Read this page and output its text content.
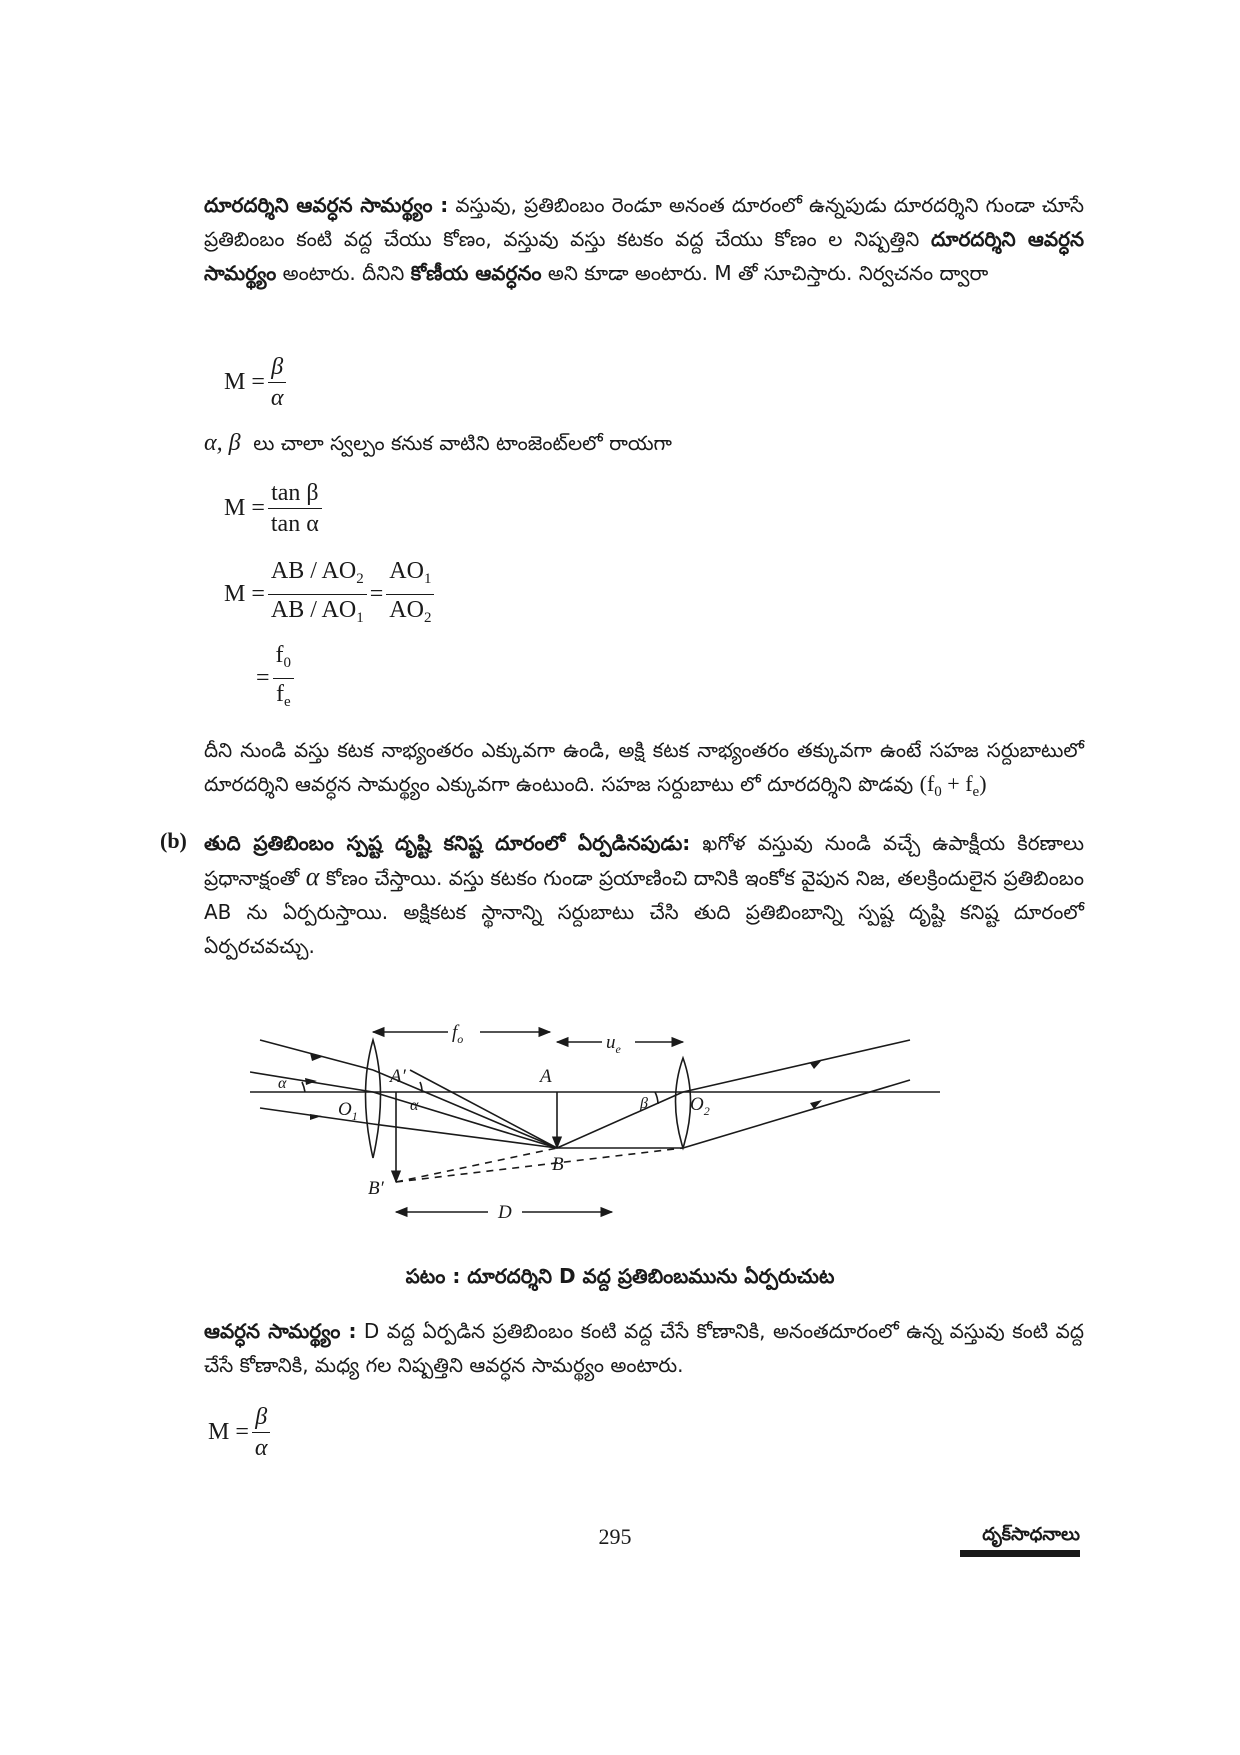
దూరదర్శిని ఆవర్ధన సామర్థ్యం : వస్తువు, ప్రతిబింబం రెండూ అనంత దూరంలో ఉన్నపుడు దూరదర్శిని గుండా చూసే ప్రతిబింబం కంటి వద్ద చేయు కోణం, వస్తువు వస్తు కటకం వద్ద చేయు కోణం ల నిష్పత్తిని దూరదర్శిని ఆవర్ధన సామర్థ్యం అంటారు. దీనిని కోణీయ ఆవర్ధనం అని కూడా అంటారు. M తో సూచిస్తారు. నిర్వచనం ద్వారా
$M = \frac{\beta}{\alpha}$
α, β లు చాలా స్వల్పం కనుక వాటిని టాంజెంట్‌లలో రాయగా
$M = \frac{\text{tan β}}{\text{tan α}}$
$M = \frac{AB / AO_2}{AB / AO_1} = \frac{AO_1}{AO_2}$
= $\frac{f_0}{f_e}$
దీని నుండి వస్తు కటక నాభ్యంతరం ఎక్కువగా ఉండి, అక్షి కటక నాభ్యంతరం తక్కువగా ఉంటే సహజ సర్దుబాటులో దూరదర్శిని ఆవర్ధన సామర్థ్యం ఎక్కువగా ఉంటుంది. సహజ సర్దుబాటు లో దూరదర్శిని పొడవు $(f_0 + f_e)$
(b) తుది ప్రతిబింబం స్పష్ట దృష్టి కనిష్ట దూరంలో ఏర్పడినపుడు: ఖగోళ వస్తువు నుండి వచ్చే ఉపాక్షీయ కిరణాలు ప్రధానాక్షంతో α కోణం చేస్తాయి. వస్తు కటకం గుండా ప్రయాణించి దానికి ఇంకోక వైపున నిజ, తలక్రిందులైన ప్రతిబింబం AB ను ఏర్పరుస్తాయి. అక్షికటక స్థానాన్ని సర్దుబాటు చేసి తుది ప్రతిబింబాన్ని స్పష్ట దృష్టి కనిష్ట దూరంలో ఏర్పరచవచ్చు.
$f_o$	$u_e$
α
α	β
$O_1$
$O_2$
A′	A
B
B′
D
పటం : దూరదర్శిని D వద్ద ప్రతిబింబమును ఏర్పరుచుట
ఆవర్ధన సామర్థ్యం : D వద్ద ఏర్పడిన ప్రతిబింబం కంటి వద్ద చేసే కోణానికి, అనంతదూరంలో ఉన్న వస్తువు కంటి వద్ద చేసే కోణానికి, మధ్య గల నిష్పత్తిని ఆవర్ధన సామర్థ్యం అంటారు.
$M = \frac{\beta}{\alpha}$
295	దృక్‌సాధనాలు
